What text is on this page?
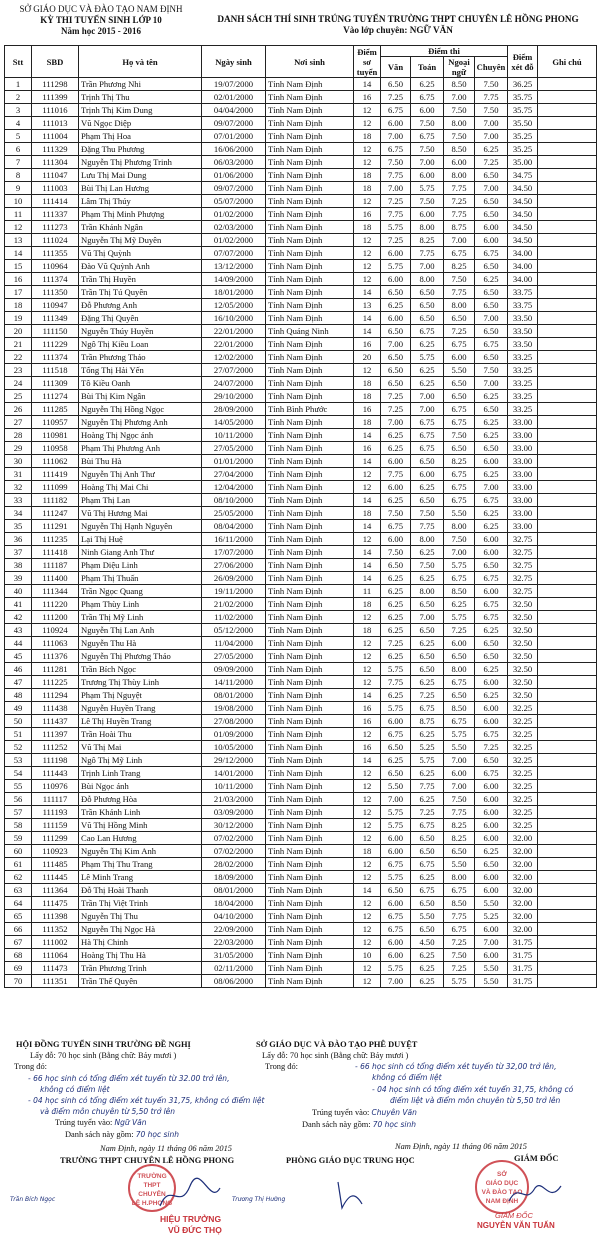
SỞ GIÁO DỤC VÀ ĐÀO TẠO NAM ĐỊNH
KỲ THI TUYỂN SINH LỚP 10
Năm học 2015 - 2016
DANH SÁCH THÍ SINH TRÚNG TUYỂN TRƯỜNG THPT CHUYÊN LÊ HỒNG PHONG
Vào lớp chuyên: NGỮ VĂN
Stt	SBD	Họ và tên	Ngày sinh	Nơi sinh	Điểm sơ tuyển	Điểm thi				Điểm xét đỗ	Ghi chú
						Văn	Toán	Ngoại ngữ	Chuyên		
1	111298	Trần Phương Nhi	19/07/2000	Tỉnh Nam Định	14	6.50	6.25	8.50	7.50	36.25	
2	111399	Trịnh Thị Thu	02/01/2000	Tỉnh Nam Định	16	7.25	6.75	7.00	7.75	35.75	
3	111016	Trịnh Thị Kim Dung	04/04/2000	Tỉnh Nam Định	12	6.75	6.00	7.50	7.50	35.75	
4	111013	Vũ Ngọc Diệp	09/07/2000	Tỉnh Nam Định	12	6.00	7.50	8.00	7.00	35.50	
5	111004	Phạm Thị Hoa	07/01/2000	Tỉnh Nam Định	18	7.00	6.75	7.50	7.00	35.25	
6	111329	Đặng Thu Phương	16/06/2000	Tỉnh Nam Định	12	6.75	7.50	8.50	6.25	35.25	
7	111304	Nguyễn Thị Phương Trinh	06/03/2000	Tỉnh Nam Định	12	7.50	7.00	6.00	7.25	35.00	
8	111047	Lưu Thị Mai Dung	01/06/2000	Tỉnh Nam Định	18	7.75	6.00	8.00	6.50	34.75	
9	111003	Bùi Thị Lan Hương	09/07/2000	Tỉnh Nam Định	18	7.00	5.75	7.75	7.00	34.50	
10	111414	Lâm Thị Thúy	05/07/2000	Tỉnh Nam Định	12	7.25	7.50	7.25	6.50	34.50	
11	111337	Phạm Thị Minh Phượng	01/02/2000	Tỉnh Nam Định	16	7.75	6.00	7.75	6.50	34.50	
12	111273	Trần Khánh Ngân	02/03/2000	Tỉnh Nam Định	18	5.75	8.00	8.75	6.00	34.50	
13	111024	Nguyễn Thị Mỹ Duyên	01/02/2000	Tỉnh Nam Định	12	7.25	8.25	7.00	6.00	34.50	
14	111355	Vũ Thị Quỳnh	07/07/2000	Tỉnh Nam Định	12	6.00	7.75	6.75	6.75	34.00	
15	110964	Đào Vũ Quỳnh Anh	13/12/2000	Tỉnh Nam Định	12	5.75	7.00	8.25	6.50	34.00	
16	111374	Trần Thị Huyền	14/09/2000	Tỉnh Nam Định	12	6.00	8.00	7.50	6.25	34.00	
17	111350	Trần Thị Tú Quyên	18/01/2000	Tỉnh Nam Định	14	6.50	6.50	7.75	6.50	33.75	
18	110947	Đỗ Phương Anh	12/05/2000	Tỉnh Nam Định	13	6.25	6.50	8.00	6.50	33.75	
19	111349	Đặng Thị Quyên	16/10/2000	Tỉnh Nam Định	14	6.00	6.50	6.50	7.00	33.50	
20	111150	Nguyễn Thúy Huyền	22/01/2000	Tỉnh Quảng Ninh	14	6.50	6.75	7.25	6.50	33.50	
21	111229	Ngô Thị Kiều Loan	22/01/2000	Tỉnh Nam Định	16	7.00	6.25	6.75	6.75	33.50	
22	111374	Trần Phương Thảo	12/02/2000	Tỉnh Nam Định	20	6.50	5.75	6.00	6.50	33.25	
23	111518	Tống Thị Hải Yến	27/07/2000	Tỉnh Nam Định	12	6.50	6.25	5.50	7.50	33.25	
24	111309	Tô Kiều Oanh	24/07/2000	Tỉnh Nam Định	18	6.50	6.25	6.50	7.00	33.25	
25	111274	Bùi Thị Kim Ngân	29/10/2000	Tỉnh Nam Định	18	7.25	7.00	6.50	6.25	33.25	
26	111285	Nguyễn Thị Hồng Ngọc	28/09/2000	Tỉnh Bình Phước	16	7.25	7.00	6.75	6.50	33.25	
27	110957	Nguyễn Thị Phương Anh	14/05/2000	Tỉnh Nam Định	18	7.00	6.75	6.75	6.25	33.00	
28	110981	Hoàng Thị Ngọc ánh	10/11/2000	Tỉnh Nam Định	14	6.25	6.75	7.50	6.25	33.00	
29	110958	Phạm Thị Phương Anh	27/05/2000	Tỉnh Nam Định	16	6.25	6.75	6.50	6.50	33.00	
30	111062	Bùi Thu Hà	01/01/2000	Tỉnh Nam Định	14	6.00	6.50	8.25	6.00	33.00	
31	111419	Nguyễn Thị Anh Thư	27/04/2000	Tỉnh Nam Định	12	7.75	6.00	6.75	6.25	33.00	
32	111099	Hoàng Thị Mai Chi	12/04/2000	Tỉnh Nam Định	12	6.00	6.25	6.75	7.00	33.00	
33	111182	Phạm Thị Lan	08/10/2000	Tỉnh Nam Định	14	6.25	6.50	6.75	6.75	33.00	
34	111247	Vũ Thị Hương Mai	25/05/2000	Tỉnh Nam Định	18	7.50	7.50	5.50	6.25	33.00	
35	111291	Nguyễn Thị Hạnh Nguyên	08/04/2000	Tỉnh Nam Định	14	6.75	7.75	8.00	6.25	33.00	
36	111235	Lại Thị Huệ	16/11/2000	Tỉnh Nam Định	12	6.00	8.00	7.50	6.00	32.75	
37	111418	Ninh Giang Anh Thư	17/07/2000	Tỉnh Nam Định	14	7.50	6.25	7.00	6.00	32.75	
38	111187	Phạm Diệu Linh	27/06/2000	Tỉnh Nam Định	14	6.50	7.50	5.75	6.50	32.75	
39	111400	Phạm Thị Thuấn	26/09/2000	Tỉnh Nam Định	14	6.25	6.25	6.75	6.75	32.75	
40	111344	Trần Ngọc Quang	19/11/2000	Tỉnh Nam Định	11	6.25	8.00	8.50	6.00	32.75	
41	111220	Phạm Thùy Linh	21/02/2000	Tỉnh Nam Định	18	6.25	6.50	6.25	6.75	32.50	
42	111200	Trần Thị Mỹ Linh	11/02/2000	Tỉnh Nam Định	12	6.25	7.00	5.75	6.75	32.50	
43	110924	Nguyễn Thị Lan Anh	05/12/2000	Tỉnh Nam Định	18	6.25	6.50	7.25	6.25	32.50	
44	111063	Nguyễn Thu Hà	11/04/2000	Tỉnh Nam Định	12	7.25	6.25	6.00	6.50	32.50	
45	111376	Nguyễn Thị Phương Thảo	27/05/2000	Tỉnh Nam Định	12	6.25	6.50	6.50	6.50	32.50	
46	111281	Trần Bích Ngọc	09/09/2000	Tỉnh Nam Định	12	5.75	6.50	8.00	6.25	32.50	
47	111225	Trương Thị Thùy Linh	14/11/2000	Tỉnh Nam Định	12	7.75	6.25	6.75	6.00	32.50	
48	111294	Phạm Thị Nguyệt	08/01/2000	Tỉnh Nam Định	14	6.25	7.25	6.50	6.25	32.50	
49	111438	Nguyễn Huyền Trang	19/08/2000	Tỉnh Nam Định	16	5.75	6.75	8.50	6.00	32.25	
50	111437	Lê Thị Huyền Trang	27/08/2000	Tỉnh Nam Định	16	6.00	8.75	6.75	6.00	32.25	
51	111397	Trần Hoài Thu	01/09/2000	Tỉnh Nam Định	12	6.75	6.25	5.75	6.75	32.25	
52	111252	Vũ Thị Mai	10/05/2000	Tỉnh Nam Định	16	6.50	5.25	5.50	7.25	32.25	
53	111198	Ngô Thị Mỹ Linh	29/12/2000	Tỉnh Nam Định	14	6.25	5.75	7.00	6.50	32.25	
54	111443	Trịnh Linh Trang	14/01/2000	Tỉnh Nam Định	12	6.50	6.25	6.00	6.75	32.25	
55	110976	Bùi Ngọc ánh	10/11/2000	Tỉnh Nam Định	12	5.50	7.75	7.00	6.00	32.25	
56	111117	Đỗ Phương Hòa	21/03/2000	Tỉnh Nam Định	12	7.00	6.25	7.50	6.00	32.25	
57	111193	Trần Khánh Linh	03/09/2000	Tỉnh Nam Định	12	5.75	7.25	7.75	6.00	32.25	
58	111159	Vũ Thị Hồng Minh	30/12/2000	Tỉnh Nam Định	12	5.75	6.75	8.25	6.00	32.25	
59	111299	Cao Lan Hương	07/02/2000	Tỉnh Nam Định	12	6.00	6.50	8.25	6.00	32.00	
60	110923	Nguyễn Thị Kim Anh	07/02/2000	Tỉnh Nam Định	18	6.00	6.50	6.50	6.25	32.00	
61	111485	Phạm Thị Thu Trang	28/02/2000	Tỉnh Nam Định	12	6.75	6.75	5.50	6.50	32.00	
62	111445	Lê Minh Trang	18/09/2000	Tỉnh Nam Định	12	5.75	6.25	8.00	6.00	32.00	
63	111364	Đỗ Thị Hoài Thanh	08/01/2000	Tỉnh Nam Định	14	6.50	6.75	6.75	6.00	32.00	
64	111475	Trần Thị Việt Trinh	18/04/2000	Tỉnh Nam Định	12	6.00	6.50	8.50	5.50	32.00	
65	111398	Nguyễn Thị Thu	04/10/2000	Tỉnh Nam Định	12	6.75	5.50	7.75	5.25	32.00	
66	111352	Nguyễn Thị Ngọc Hà	22/09/2000	Tỉnh Nam Định	12	6.75	6.50	6.75	6.00	32.00	
67	111002	Hà Thị Chinh	22/03/2000	Tỉnh Nam Định	12	6.00	4.50	7.25	7.00	31.75	
68	111064	Hoàng Thị Thu Hà	31/05/2000	Tỉnh Nam Định	10	6.00	6.25	7.50	6.00	31.75	
69	111473	Trần Phương Trinh	02/11/2000	Tỉnh Nam Định	12	5.75	6.25	7.25	5.50	31.75	
70	111351	Trần Thế Quyên	08/06/2000	Tỉnh Nam Định	12	7.00	6.25	5.75	5.50	31.75	
HỘI ĐỒNG TUYỂN SINH TRƯỜNG ĐỀ NGHỊ
Lấy đỗ: 70 học sinh (Bằng chữ: Bảy mươi )
Trong đó:
- 66 học sinh có tổng điểm xét tuyển từ 32.00 trở lên,
không có điểm liệt
- 04 học sinh có tổng điểm xét tuyển 31,75, không có điểm liệt
và điểm môn chuyên từ 5,50 trở lên
Trúng tuyển vào: Ngữ Văn
Danh sách này gồm: 70 học sinh
SỞ GIÁO DỤC VÀ ĐÀO TẠO PHÊ DUYỆT
Lấy đỗ: 70 học sinh (Bằng chữ: Bảy mươi )
Trong đó:	- 66 học sinh có tổng điểm xét tuyển từ 32,00 trở lên,
không có điểm liệt
- 04 học sinh có tổng điểm xét tuyển 31,75, không có
điểm liệt và điểm môn chuyên từ 5,50 trở lên
Trúng tuyển vào: Chuyên Văn
Danh sách này gồm: 70 học sinh
Nam Định, ngày 11 tháng 06 năm 2015	Nam Định, ngày 11 tháng 06 năm 2015
TRƯỜNG THPT CHUYÊN LÊ HỒNG PHONG	PHÒNG GIÁO DỤC TRUNG HỌC	GIÁM ĐỐC
TRƯỜNG
THPT
CHUYÊN
LÊ H.PHONG
SỞ
GIÁO DỤC
VÀ ĐÀO TẠO
NAM ĐỊNH
HIỆU TRƯỞNG
VŨ ĐỨC THỌ
GIÁM ĐỐC
NGUYỄN VĂN TUẤN
Trần Bích Ngọc	Trương Thị Hường
